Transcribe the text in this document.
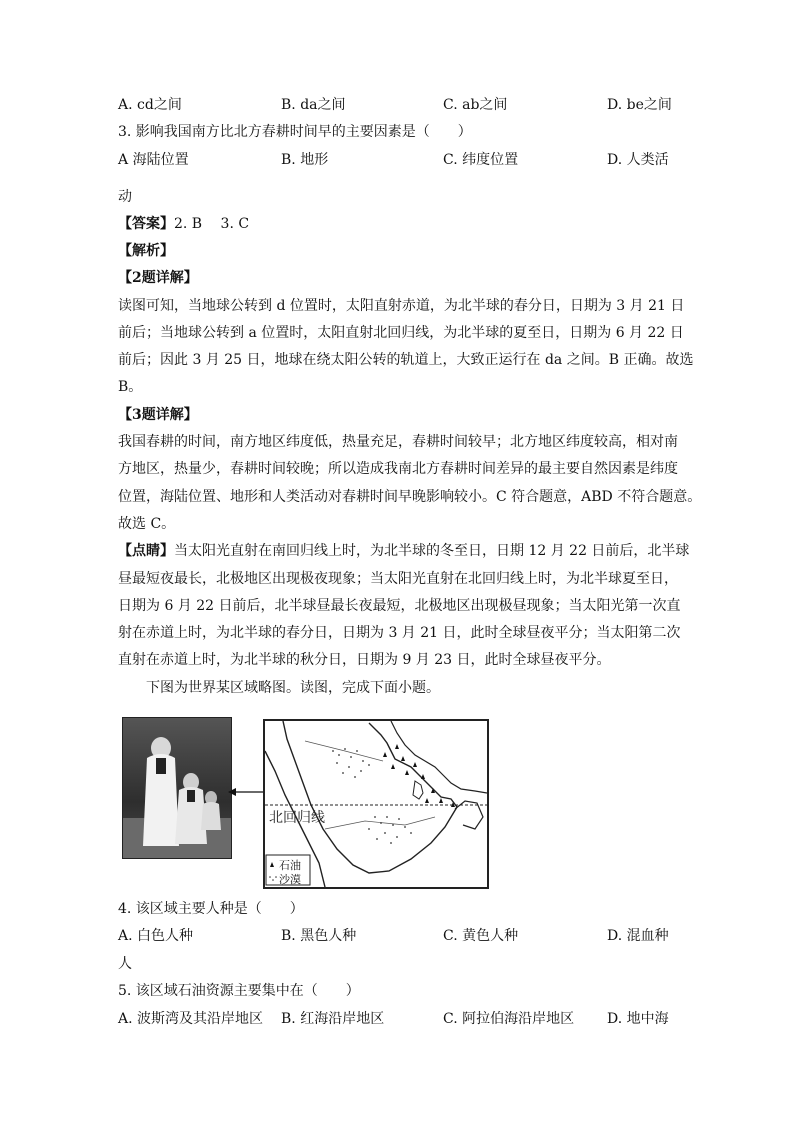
A. cd之间	B. da之间	C. ab之间	D. be之间
3. 影响我国南方比北方春耕时间早的主要因素是（　　）
A 海陆位置	B. 地形	C. 纬度位置	D. 人类活
动
【答案】2. B　 3. C
【解析】
【2题详解】
读图可知，当地球公转到 d 位置时，太阳直射赤道，为北半球的春分日，日期为 3 月 21 日
前后；当地球公转到 a 位置时，太阳直射北回归线，为北半球的夏至日，日期为 6 月 22 日
前后；因此 3 月 25 日，地球在绕太阳公转的轨道上，大致正运行在 da 之间。B 正确。故选
B。
【3题详解】
我国春耕的时间，南方地区纬度低，热量充足，春耕时间较早；北方地区纬度较高，相对南
方地区，热量少，春耕时间较晚；所以造成我南北方春耕时间差异的最主要自然因素是纬度
位置，海陆位置、地形和人类活动对春耕时间早晚影响较小。C 符合题意，ABD 不符合题意。
故选 C。
【点睛】当太阳光直射在南回归线上时，为北半球的冬至日，日期 12 月 22 日前后，北半球
昼最短夜最长，北极地区出现极夜现象；当太阳光直射在北回归线上时，为北半球夏至日，
日期为 6 月 22 日前后，北半球昼最长夜最短，北极地区出现极昼现象；当太阳光第一次直
射在赤道上时，为北半球的春分日，日期为 3 月 21 日，此时全球昼夜平分；当太阳第二次
直射在赤道上时，为北半球的秋分日，日期为 9 月 23 日，此时全球昼夜平分。
下图为世界某区域略图。读图，完成下面小题。
北回归线
石油
沙漠
4. 该区域主要人种是（　　）
A. 白色人种	B. 黑色人种	C. 黄色人种	D. 混血种
人
5. 该区域石油资源主要集中在（　　）
A. 波斯湾及其沿岸地区 B. 红海沿岸地区	C. 阿拉伯海沿岸地区 D. 地中海
